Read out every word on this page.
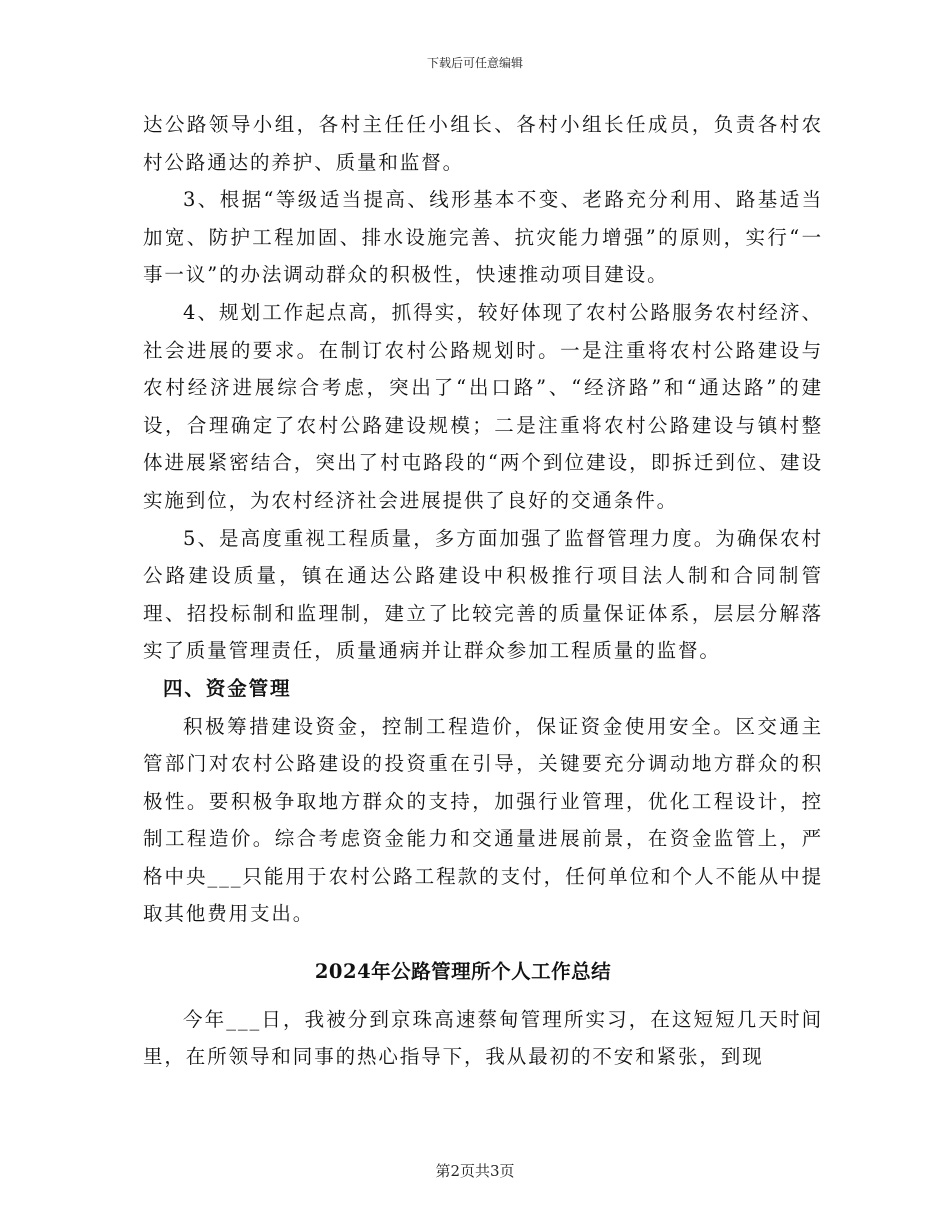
下载后可任意编辑

达公路领导小组，各村主任任小组长、各村小组长任成员，负责各村农村公路通达的养护、质量和监督。

3、根据“等级适当提高、线形基本不变、老路充分利用、路基适当加宽、防护工程加固、排水设施完善、抗灾能力增强”的原则，实行“一事一议”的办法调动群众的积极性，快速推动项目建设。

4、规划工作起点高，抓得实，较好体现了农村公路服务农村经济、社会进展的要求。在制订农村公路规划时。一是注重将农村公路建设与农村经济进展综合考虑，突出了“出口路”、“经济路”和“通达路”的建设，合理确定了农村公路建设规模；二是注重将农村公路建设与镇村整体进展紧密结合，突出了村屯路段的“两个到位建设，即拆迁到位、建设实施到位，为农村经济社会进展提供了良好的交通条件。

5、是高度重视工程质量，多方面加强了监督管理力度。为确保农村公路建设质量，镇在通达公路建设中积极推行项目法人制和合同制管理、招投标制和监理制，建立了比较完善的质量保证体系，层层分解落实了质量管理责任，质量通病并让群众参加工程质量的监督。

四、资金管理

积极筹措建设资金，控制工程造价，保证资金使用安全。区交通主管部门对农村公路建设的投资重在引导，关键要充分调动地方群众的积极性。要积极争取地方群众的支持，加强行业管理，优化工程设计，控制工程造价。综合考虑资金能力和交通量进展前景，在资金监管上，严格中央___只能用于农村公路工程款的支付，任何单位和个人不能从中提取其他费用支出。

2024年公路管理所个人工作总结

今年___日，我被分到京珠高速蔡甸管理所实习，在这短短几天时间里，在所领导和同事的热心指导下，我从最初的不安和紧张，到现

第2页共3页
